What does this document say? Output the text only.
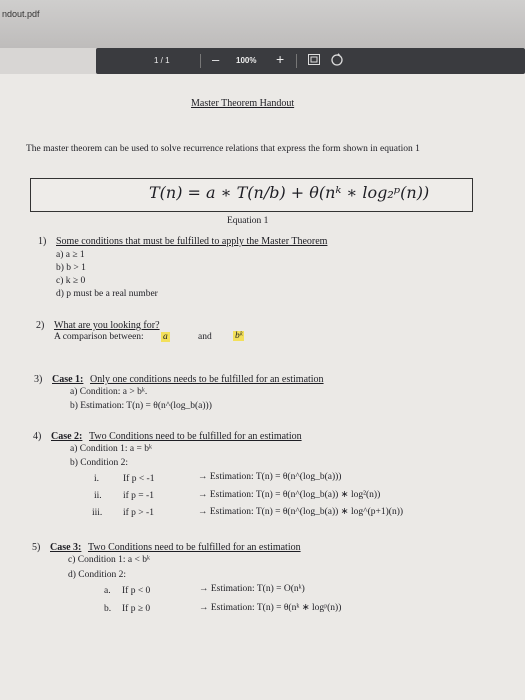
ndout.pdf
1 / 1	– 100% +
Master Theorem Handout
The master theorem can be used to solve recurrence relations that express the form shown in equation 1
T(n) = a ∗ T(n/b) + θ(nᵏ ∗ log₂ᵖ(n))
Equation 1
1) Some conditions that must be fulfilled to apply the Master Theorem
a) a ≥ 1
b) b > 1
c) k ≥ 0
d) p must be a real number
2) What are you looking for?
A comparison between: a	and bᵏ
3) Case 1: Only one conditions needs to be fulfilled for an estimation
a) Condition: a > bᵏ.
b) Estimation: T(n) = θ(n^(log_b(a)))
4) Case 2: Two Conditions need to be fulfilled for an estimation
a) Condition 1: a = bᵏ
b) Condition 2:
i.	If p < -1	→ Estimation: T(n) = θ(n^(log_b(a)))
ii. if p = -1	→ Estimation: T(n) = θ(n^(log_b(a)) ∗ log²(n))
iii. if p > -1	→ Estimation: T(n) = θ(n^(log_b(a)) ∗ log^(p+1)(n))
5) Case 3: Two Conditions need to be fulfilled for an estimation
c) Condition 1: a < bᵏ
d) Condition 2:
a. If p < 0	→ Estimation: T(n) = O(nᵏ)
b. If p ≥ 0	→ Estimation: T(n) = θ(nᵏ ∗ logᵖ(n))
